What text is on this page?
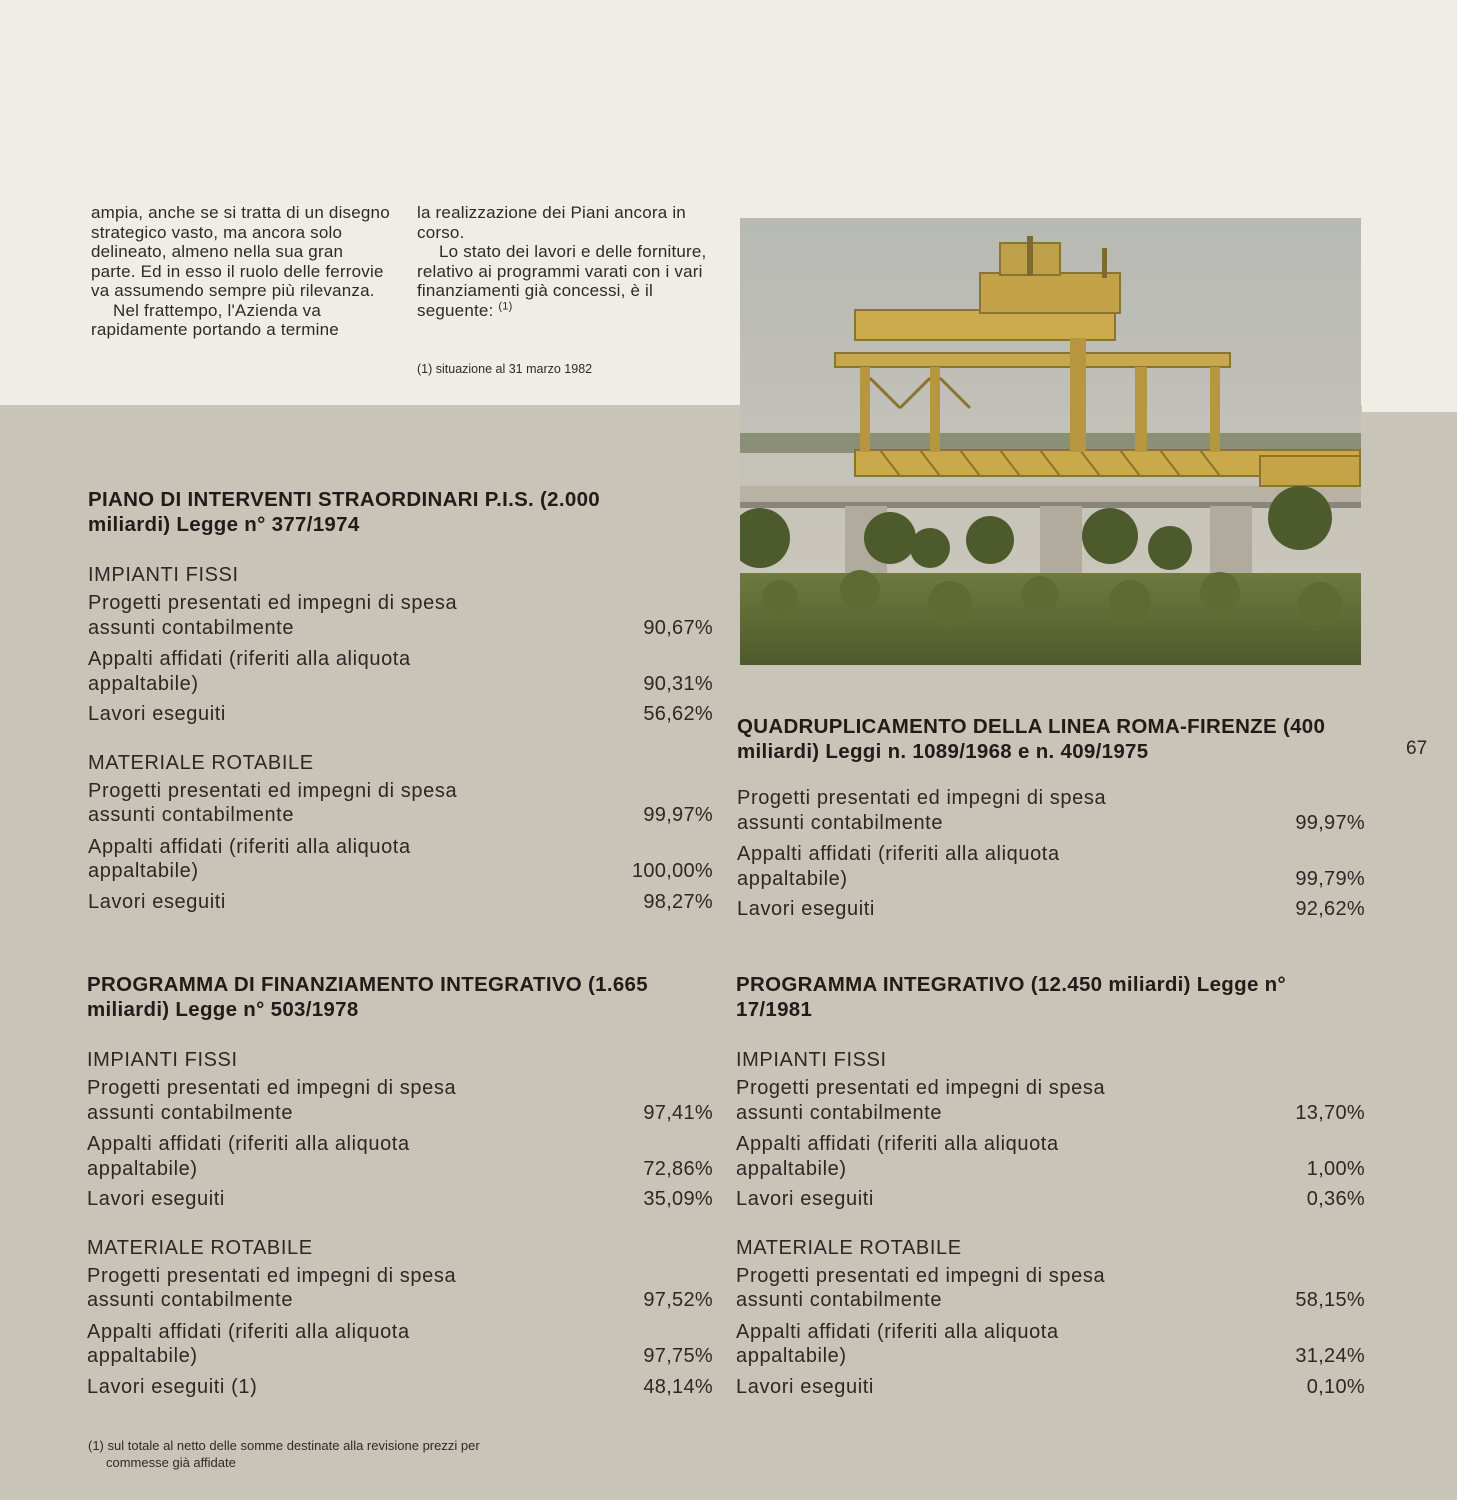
ampia, anche se si tratta di un disegno strategico vasto, ma ancora solo delineato, almeno nella sua gran parte. Ed in esso il ruolo delle ferrovie va assumendo sempre più rilevanza.

Nel frattempo, l'Azienda va rapidamente portando a termine

la realizzazione dei Piani ancora in corso.

Lo stato dei lavori e delle forniture, relativo ai programmi varati con i vari finanziamenti già concessi, è il seguente: $^{(1)}$

(1) situazione al 31 marzo 1982

PIANO DI INTERVENTI STRAORDINARI P.I.S. (2.000 miliardi) Legge n° 377/1974

IMPIANTI FISSI

Progetti presentati ed impegni di spesa
assunti contabilmente	90,67%
Appalti affidati (riferiti alla aliquota
appaltabile)	90,31%
Lavori eseguiti	56,62%

MATERIALE ROTABILE

Progetti presentati ed impegni di spesa
assunti contabilmente	99,97%
Appalti affidati (riferiti alla aliquota
appaltabile)	100,00%
Lavori eseguiti	98,27%

QUADRUPLICAMENTO DELLA LINEA ROMA-FIRENZE (400 miliardi) Leggi n. 1089/1968 e n. 409/1975

Progetti presentati ed impegni di spesa
assunti contabilmente	99,97%
Appalti affidati (riferiti alla aliquota
appaltabile)	99,79%
Lavori eseguiti	92,62%
67

PROGRAMMA DI FINANZIAMENTO INTEGRATIVO (1.665 miliardi) Legge n° 503/1978

IMPIANTI FISSI

Progetti presentati ed impegni di spesa
assunti contabilmente	97,41%
Appalti affidati (riferiti alla aliquota
appaltabile)	72,86%
Lavori eseguiti	35,09%

MATERIALE ROTABILE

Progetti presentati ed impegni di spesa
assunti contabilmente	97,52%
Appalti affidati (riferiti alla aliquota
appaltabile)	97,75%
Lavori eseguiti (1)	48,14%

PROGRAMMA INTEGRATIVO (12.450 miliardi) Legge n° 17/1981

IMPIANTI FISSI

Progetti presentati ed impegni di spesa
assunti contabilmente	13,70%
Appalti affidati (riferiti alla aliquota
appaltabile)	1,00%
Lavori eseguiti	0,36%

MATERIALE ROTABILE

Progetti presentati ed impegni di spesa
assunti contabilmente	58,15%
Appalti affidati (riferiti alla aliquota
appaltabile)	31,24%
Lavori eseguiti	0,10%
(1) sul totale al netto delle somme destinate alla revisione prezzi per
commesse già affidate
